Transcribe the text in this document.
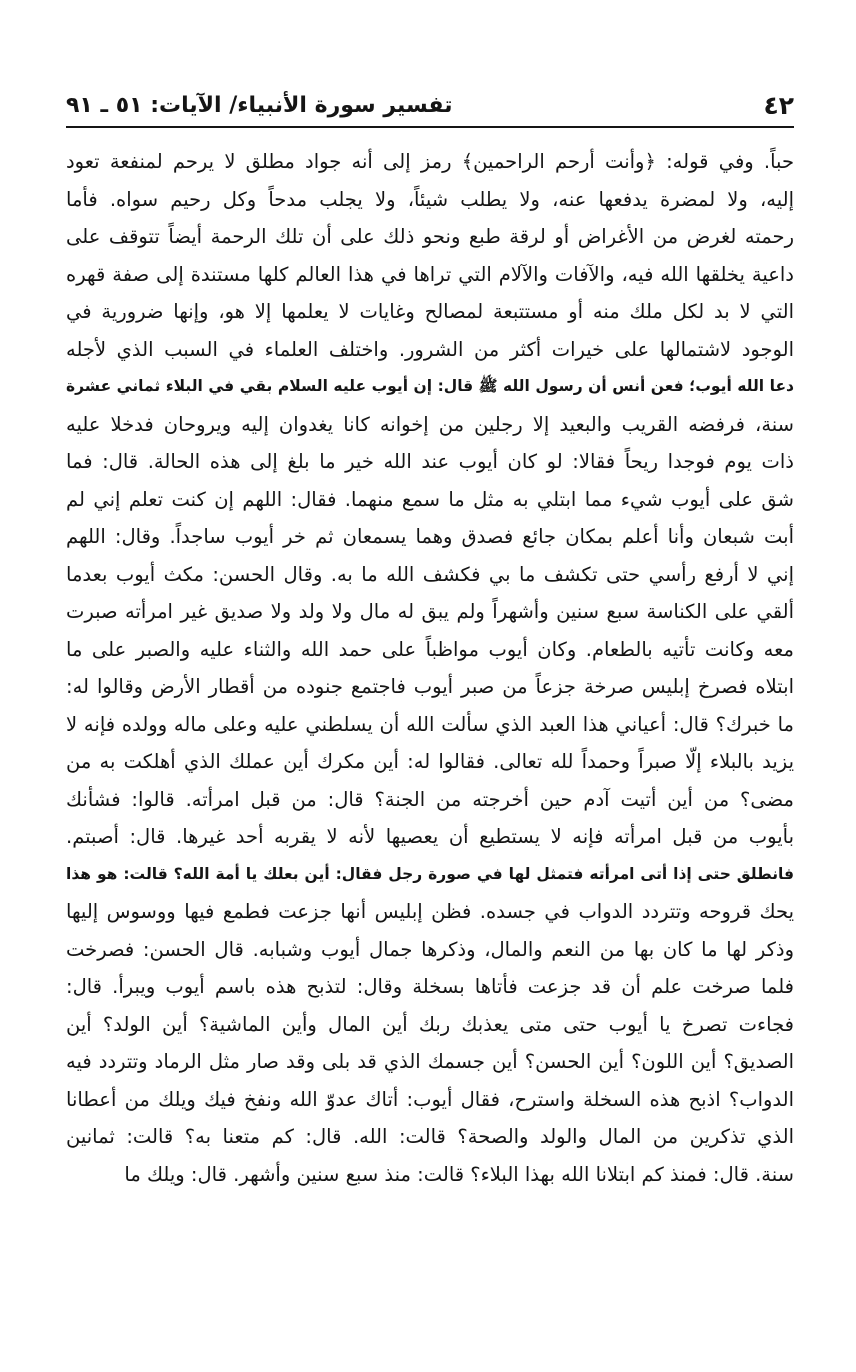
٤٢
تفسير سورة الأنبياء/ الآيات: ٥١ ـ ٩١
حباً. وفي قوله: ﴿وأنت أرحم الراحمين﴾ رمز إلى أنه جواد مطلق لا يرحم لمنفعة تعود
إليه، ولا لمضرة يدفعها عنه، ولا يطلب شيئاً، ولا يجلب مدحاً وكل رحيم سواه. فأما
رحمته لغرض من الأغراض أو لرقة طبع ونحو ذلك على أن تلك الرحمة أيضاً تتوقف على
داعية يخلقها الله فيه، والآفات والآلام التي تراها في هذا العالم كلها مستندة إلى صفة قهره
التي لا بد لكل ملك منه أو مستتبعة لمصالح وغايات لا يعلمها إلا هو، وإنها ضرورية في
الوجود لاشتمالها على خيرات أكثر من الشرور. واختلف العلماء في السبب الذي لأجله
دعا الله أيوب؛ فعن أنس أن رسول الله ﷺ قال: إن أيوب عليه السلام بقي في البلاء ثماني عشرة
سنة، فرفضه القريب والبعيد إلا رجلين من إخوانه كانا يغدوان إليه ويروحان فدخلا عليه
ذات يوم فوجدا ريحاً فقالا: لو كان أيوب عند الله خير ما بلغ إلى هذه الحالة. قال: فما
شق على أيوب شيء مما ابتلي به مثل ما سمع منهما. فقال: اللهم إن كنت تعلم إني لم
أبت شبعان وأنا أعلم بمكان جائع فصدق وهما يسمعان ثم خر أيوب ساجداً. وقال: اللهم
إني لا أرفع رأسي حتى تكشف ما بي فكشف الله ما به. وقال الحسن: مكث أيوب بعدما
ألقي على الكناسة سبع سنين وأشهراً ولم يبق له مال ولا ولد ولا صديق غير امرأته صبرت
معه وكانت تأتيه بالطعام. وكان أيوب مواظباً على حمد الله والثناء عليه والصبر على ما
ابتلاه فصرخ إبليس صرخة جزعاً من صبر أيوب فاجتمع جنوده من أقطار الأرض وقالوا له:
ما خبرك؟ قال: أعياني هذا العبد الذي سألت الله أن يسلطني عليه وعلى ماله وولده فإنه لا
يزيد بالبلاء إلّا صبراً وحمداً لله تعالى. فقالوا له: أين مكرك أين عملك الذي أهلكت به من
مضى؟ من أين أتيت آدم حين أخرجته من الجنة؟ قال: من قبل امرأته. قالوا: فشأنك
بأيوب من قبل امرأته فإنه لا يستطيع أن يعصيها لأنه لا يقربه أحد غيرها. قال: أصبتم.
فانطلق حتى إذا أتى امرأته فتمثل لها في صورة رجل فقال: أين بعلك يا أمة الله؟ قالت: هو هذا
يحك قروحه وتتردد الدواب في جسده. فظن إبليس أنها جزعت فطمع فيها ووسوس إليها
وذكر لها ما كان بها من النعم والمال، وذكرها جمال أيوب وشبابه. قال الحسن: فصرخت
فلما صرخت علم أن قد جزعت فأتاها بسخلة وقال: لتذبح هذه باسم أيوب ويبرأ. قال:
فجاءت تصرخ يا أيوب حتى متى يعذبك ربك أين المال وأين الماشية؟ أين الولد؟ أين
الصديق؟ أين اللون؟ أين الحسن؟ أين جسمك الذي قد بلى وقد صار مثل الرماد وتتردد فيه
الدواب؟ اذبح هذه السخلة واسترح، فقال أيوب: أتاك عدوّ الله ونفخ فيك ويلك من أعطانا
الذي تذكرين من المال والولد والصحة؟ قالت: الله. قال: كم متعنا به؟ قالت: ثمانين
سنة. قال: فمنذ كم ابتلانا الله بهذا البلاء؟ قالت: منذ سبع سنين وأشهر. قال: ويلك ما
